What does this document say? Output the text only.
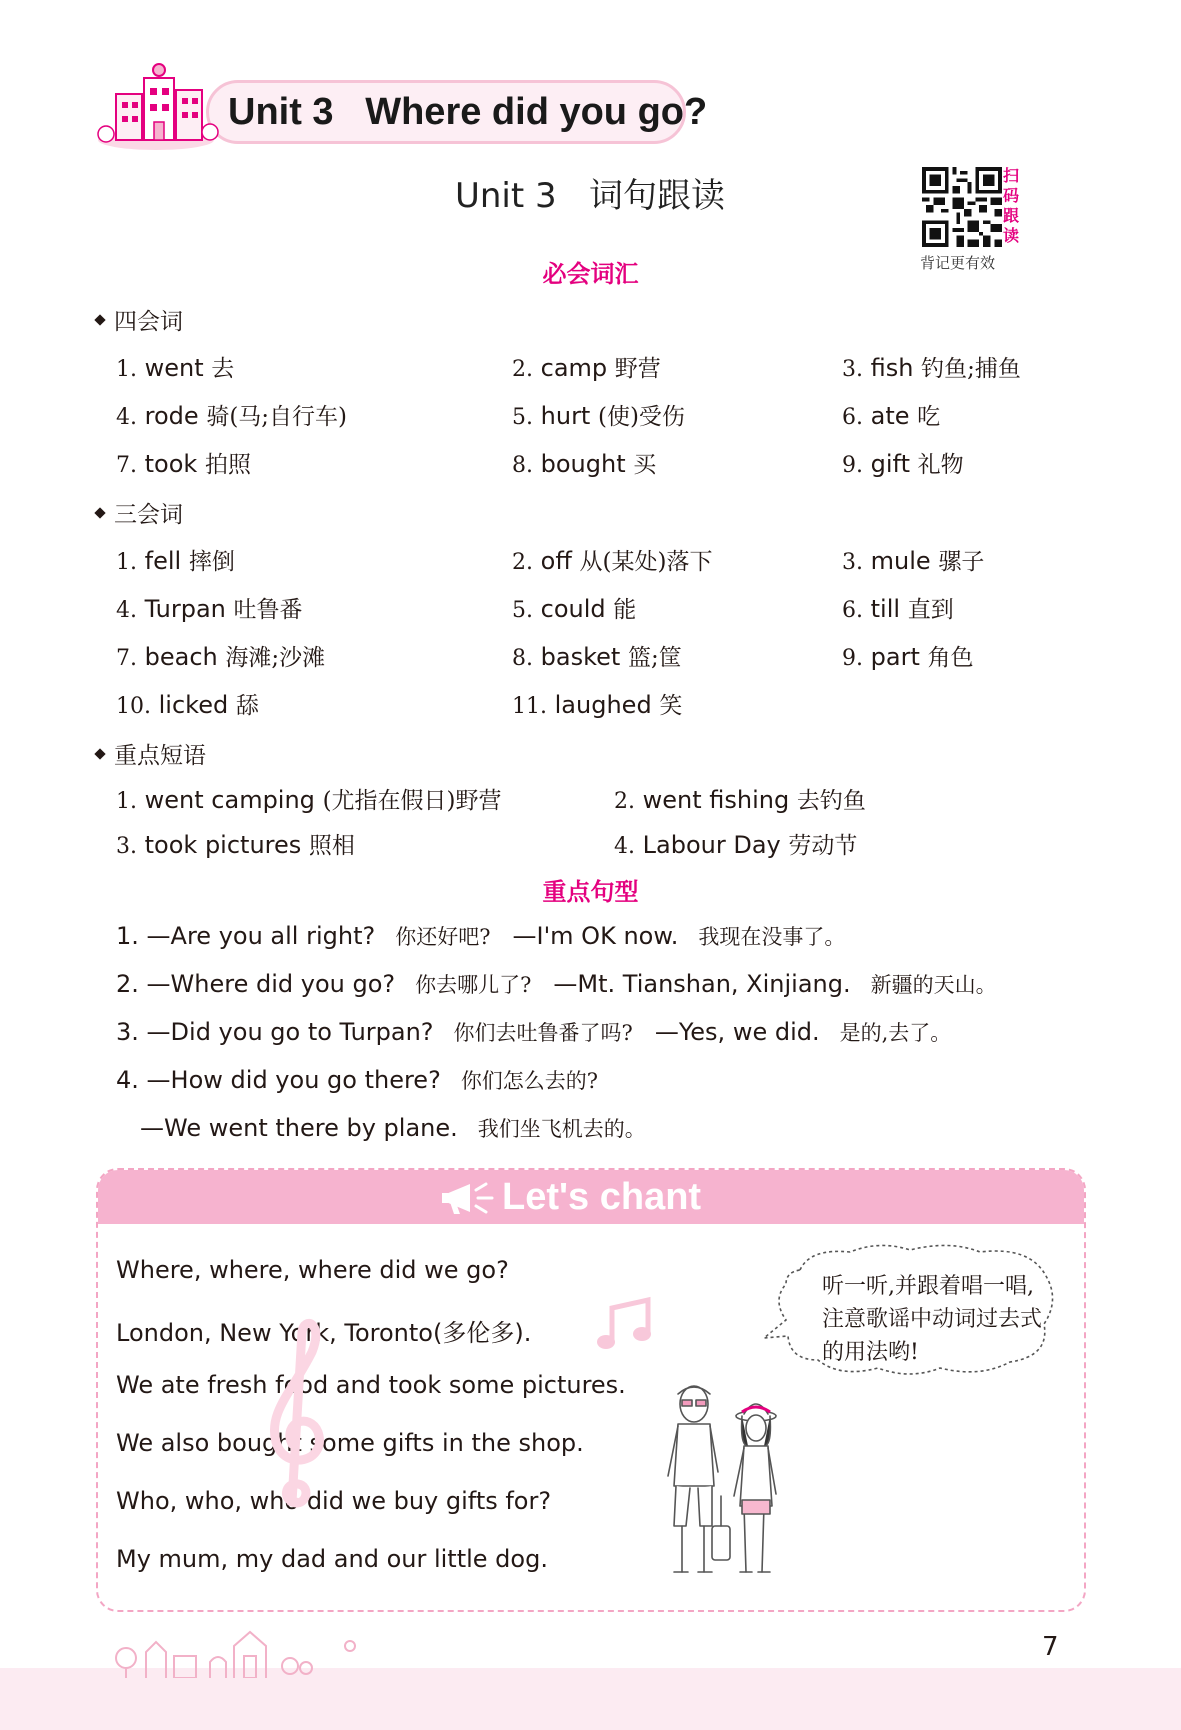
Unit 3   Where did you go?
Unit 3   词句跟读
扫码跟读
背记更有效
必会词汇
四会词
1. went 去	2. camp 野营	3. fish 钓鱼;捕鱼
4. rode 骑(马;自行车)	5. hurt (使)受伤	6. ate 吃
7. took 拍照	8. bought 买	9. gift 礼物
三会词
1. fell 摔倒	2. off 从(某处)落下	3. mule 骡子
4. Turpan 吐鲁番	5. could 能	6. till 直到
7. beach 海滩;沙滩	8. basket 篮;筐	9. part 角色
10. licked 舔	11. laughed 笑
重点短语
1. went camping (尤指在假日)野营	2. went fishing 去钓鱼
3. took pictures 照相	4. Labour Day 劳动节
重点句型
1. —Are you all right? 你还好吧? —I'm OK now. 我现在没事了。
2. —Where did you go? 你去哪儿了? —Mt. Tianshan, Xinjiang. 新疆的天山。
3. —Did you go to Turpan? 你们去吐鲁番了吗? —Yes, we did. 是的,去了。
4. —How did you go there? 你们怎么去的?
—We went there by plane. 我们坐飞机去的。
Let's chant
Where, where, where did we go?
London, New York, Toronto(多伦多).
We ate fresh food and took some pictures.
We also bought some gifts in the shop.
Who, who, who did we buy gifts for?
My mum, my dad and our little dog.
听一听,并跟着唱一唱,注意歌谣中动词过去式的用法哟!
7
